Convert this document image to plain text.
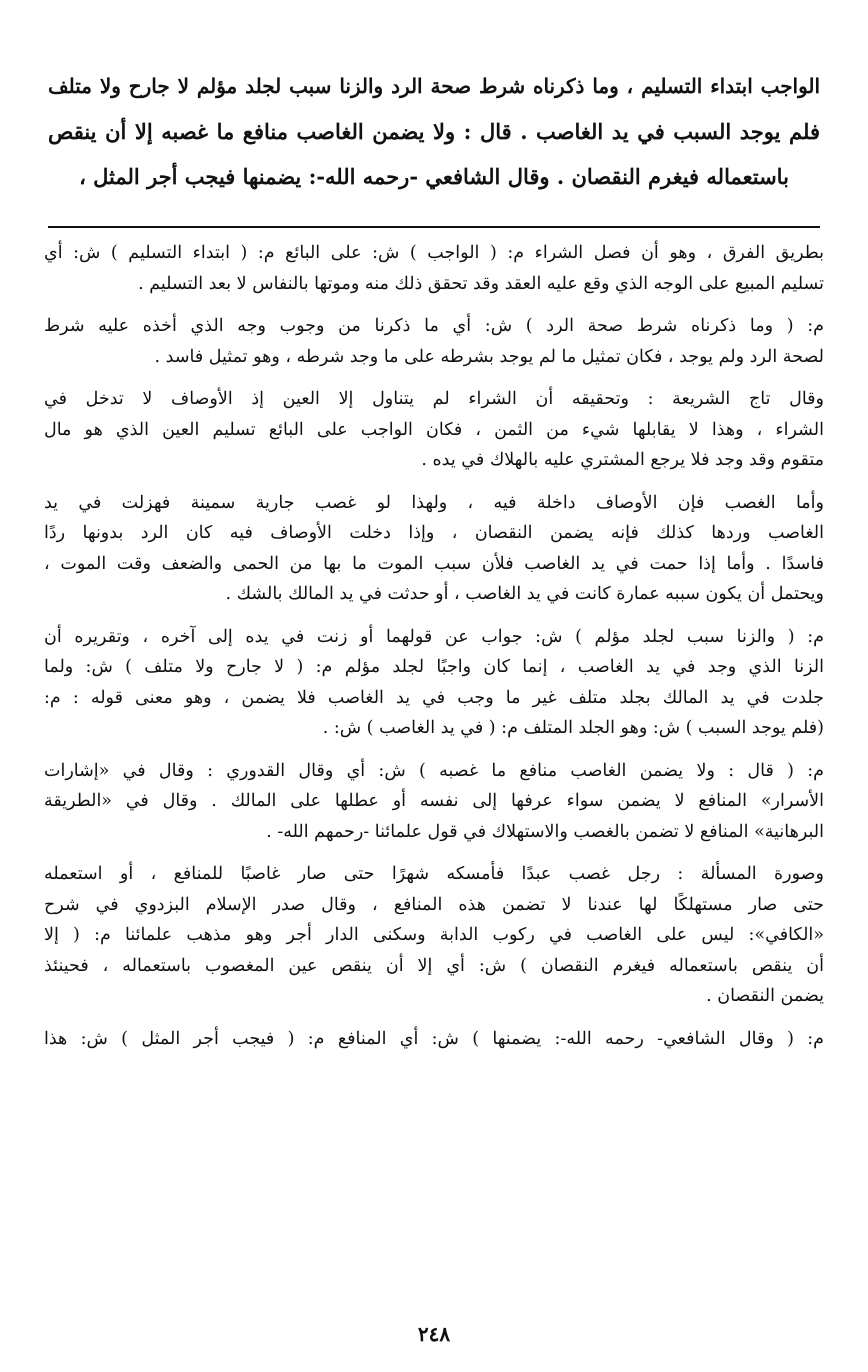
الواجب ابتداء التسليم ، وما ذكرناه شرط صحة الرد والزنا سبب لجلد مؤلم لا جارح ولا متلف
فلم يوجد السبب في يد الغاصب . قال : ولا يضمن الغاصب منافع ما غصبه إلا أن ينقص
باستعماله فيغرم النقصان . وقال الشافعي -رحمه الله-: يضمنها فيجب أجر المثل ،

بطريق الفرق ، وهو أن فصل الشراء م: ( الواجب ) ش: على البائع م: ( ابتداء التسليم ) ش: أي
تسليم المبيع على الوجه الذي وقع عليه العقد وقد تحقق ذلك منه وموتها بالنفاس لا بعد التسليم .

م: ( وما ذكرناه شرط صحة الرد ) ش: أي ما ذكرنا من وجوب وجه الذي أخذه عليه شرط
لصحة الرد ولم يوجد ، فكان تمثيل ما لم يوجد بشرطه على ما وجد شرطه ، وهو تمثيل فاسد .

وقال تاج الشريعة : وتحقيقه أن الشراء لم يتناول إلا العين إذ الأوصاف لا تدخل في
الشراء ، وهذا لا يقابلها شيء من الثمن ، فكان الواجب على البائع تسليم العين الذي هو مال
متقوم وقد وجد فلا يرجع المشتري عليه بالهلاك في يده .

وأما الغصب فإن الأوصاف داخلة فيه ، ولهذا لو غصب جارية سمينة فهزلت في يد
الغاصب وردها كذلك فإنه يضمن النقصان ، وإذا دخلت الأوصاف فيه كان الرد بدونها ردًا
فاسدًا . وأما إذا حمت في يد الغاصب فلأن سبب الموت ما بها من الحمى والضعف وقت الموت ،
ويحتمل أن يكون سببه عمارة كانت في يد الغاصب ، أو حدثت في يد المالك بالشك .

م: ( والزنا سبب لجلد مؤلم ) ش: جواب عن قولهما أو زنت في يده إلى آخره ، وتقريره أن
الزنا الذي وجد في يد الغاصب ، إنما كان واجبًا لجلد مؤلم م: ( لا جارح ولا متلف ) ش: ولما
جلدت في يد المالك بجلد متلف غير ما وجب في يد الغاصب فلا يضمن ، وهو معنى قوله : م:
(فلم يوجد السبب ) ش: وهو الجلد المتلف م: ( في يد الغاصب ) ش: .

م: ( قال : ولا يضمن الغاصب منافع ما غصبه ) ش: أي وقال القدوري : وقال في «إشارات
الأسرار» المنافع لا يضمن سواء عرفها إلى نفسه أو عطلها على المالك . وقال في «الطريقة
البرهانية» المنافع لا تضمن بالغصب والاستهلاك في قول علمائنا -رحمهم الله- .

وصورة المسألة : رجل غصب عبدًا فأمسكه شهرًا حتى صار غاصبًا للمنافع ، أو استعمله
حتى صار مستهلكًا لها عندنا لا تضمن هذه المنافع ، وقال صدر الإسلام البزدوي في شرح
«الكافي»: ليس على الغاصب في ركوب الدابة وسكنى الدار أجر وهو مذهب علمائنا م: ( إلا
أن ينقص باستعماله فيغرم النقصان ) ش: أي إلا أن ينقص عين المغصوب باستعماله ، فحينئذ
يضمن النقصان .

م: ( وقال الشافعي- رحمه الله-: يضمنها ) ش: أي المنافع م: ( فيجب أجر المثل ) ش: هذا

٢٤٨
